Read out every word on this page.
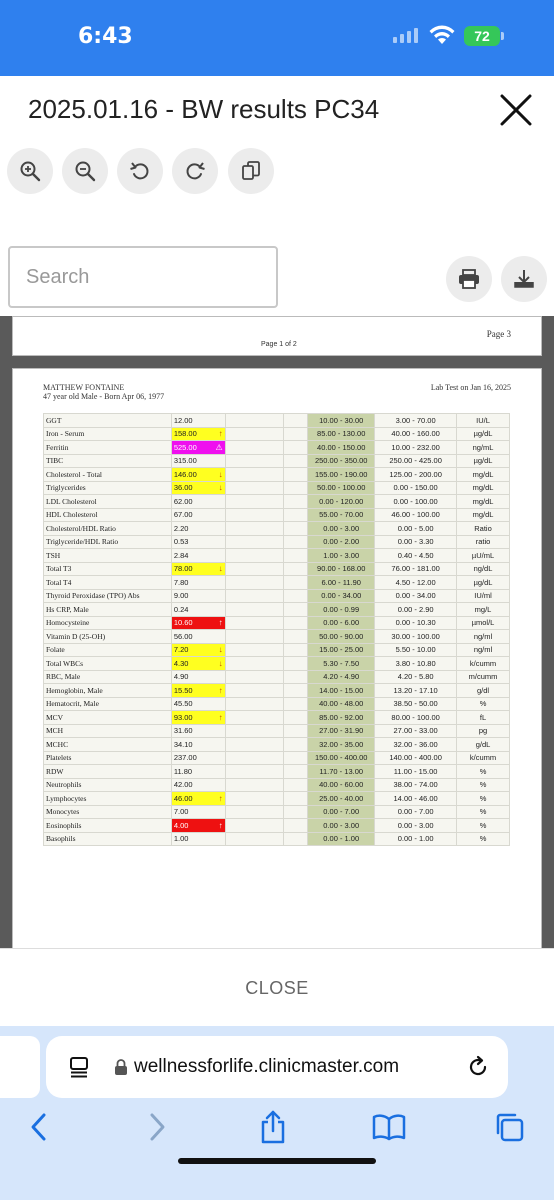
6:43	72
2025.01.16 - BW results PC34
Search
Page 3
Page 1 of 2
MATTHEW FONTAINE
47 year old Male - Born Apr 06, 1977
Lab Test on Jan 16, 2025
GGT	12.00			10.00 - 30.00	3.00 - 70.00	IU/L
Iron - Serum	158.00 ↑			85.00 - 130.00	40.00 - 160.00	µg/dL
Ferritin	525.00 ⚠			40.00 - 150.00	10.00 - 232.00	ng/mL
TIBC	315.00			250.00 - 350.00	250.00 - 425.00	µg/dL
Cholesterol - Total	146.00 ↓			155.00 - 190.00	125.00 - 200.00	mg/dL
Triglycerides	36.00 ↓			50.00 - 100.00	0.00 - 150.00	mg/dL
LDL Cholesterol	62.00			0.00 - 120.00	0.00 - 100.00	mg/dL
HDL Cholesterol	67.00			55.00 - 70.00	46.00 - 100.00	mg/dL
Cholesterol/HDL Ratio	2.20			0.00 - 3.00	0.00 - 5.00	Ratio
Triglyceride/HDL Ratio	0.53			0.00 - 2.00	0.00 - 3.30	ratio
TSH	2.84			1.00 - 3.00	0.40 - 4.50	µU/mL
Total T3	78.00 ↓			90.00 - 168.00	76.00 - 181.00	ng/dL
Total T4	7.80			6.00 - 11.90	4.50 - 12.00	µg/dL
Thyroid Peroxidase (TPO) Abs	9.00			0.00 - 34.00	0.00 - 34.00	IU/ml
Hs CRP, Male	0.24			0.00 - 0.99	0.00 - 2.90	mg/L
Homocysteine	10.60 ↑			0.00 - 6.00	0.00 - 10.30	µmol/L
Vitamin D (25-OH)	56.00			50.00 - 90.00	30.00 - 100.00	ng/ml
Folate	7.20 ↓			15.00 - 25.00	5.50 - 10.00	ng/ml
Total WBCs	4.30 ↓			5.30 - 7.50	3.80 - 10.80	k/cumm
RBC, Male	4.90			4.20 - 4.90	4.20 - 5.80	m/cumm
Hemoglobin, Male	15.50 ↑			14.00 - 15.00	13.20 - 17.10	g/dl
Hematocrit, Male	45.50			40.00 - 48.00	38.50 - 50.00	%
MCV	93.00 ↑			85.00 - 92.00	80.00 - 100.00	fL
MCH	31.60			27.00 - 31.90	27.00 - 33.00	pg
MCHC	34.10			32.00 - 35.00	32.00 - 36.00	g/dL
Platelets	237.00			150.00 - 400.00	140.00 - 400.00	k/cumm
RDW	11.80			11.70 - 13.00	11.00 - 15.00	%
Neutrophils	42.00			40.00 - 60.00	38.00 - 74.00	%
Lymphocytes	46.00 ↑			25.00 - 40.00	14.00 - 46.00	%
Monocytes	7.00			0.00 - 7.00	0.00 - 7.00	%
Eosinophils	4.00 ↑			0.00 - 3.00	0.00 - 3.00	%
Basophils	1.00			0.00 - 1.00	0.00 - 1.00	%
CLOSE
wellnessforlife.clinicmaster.com
